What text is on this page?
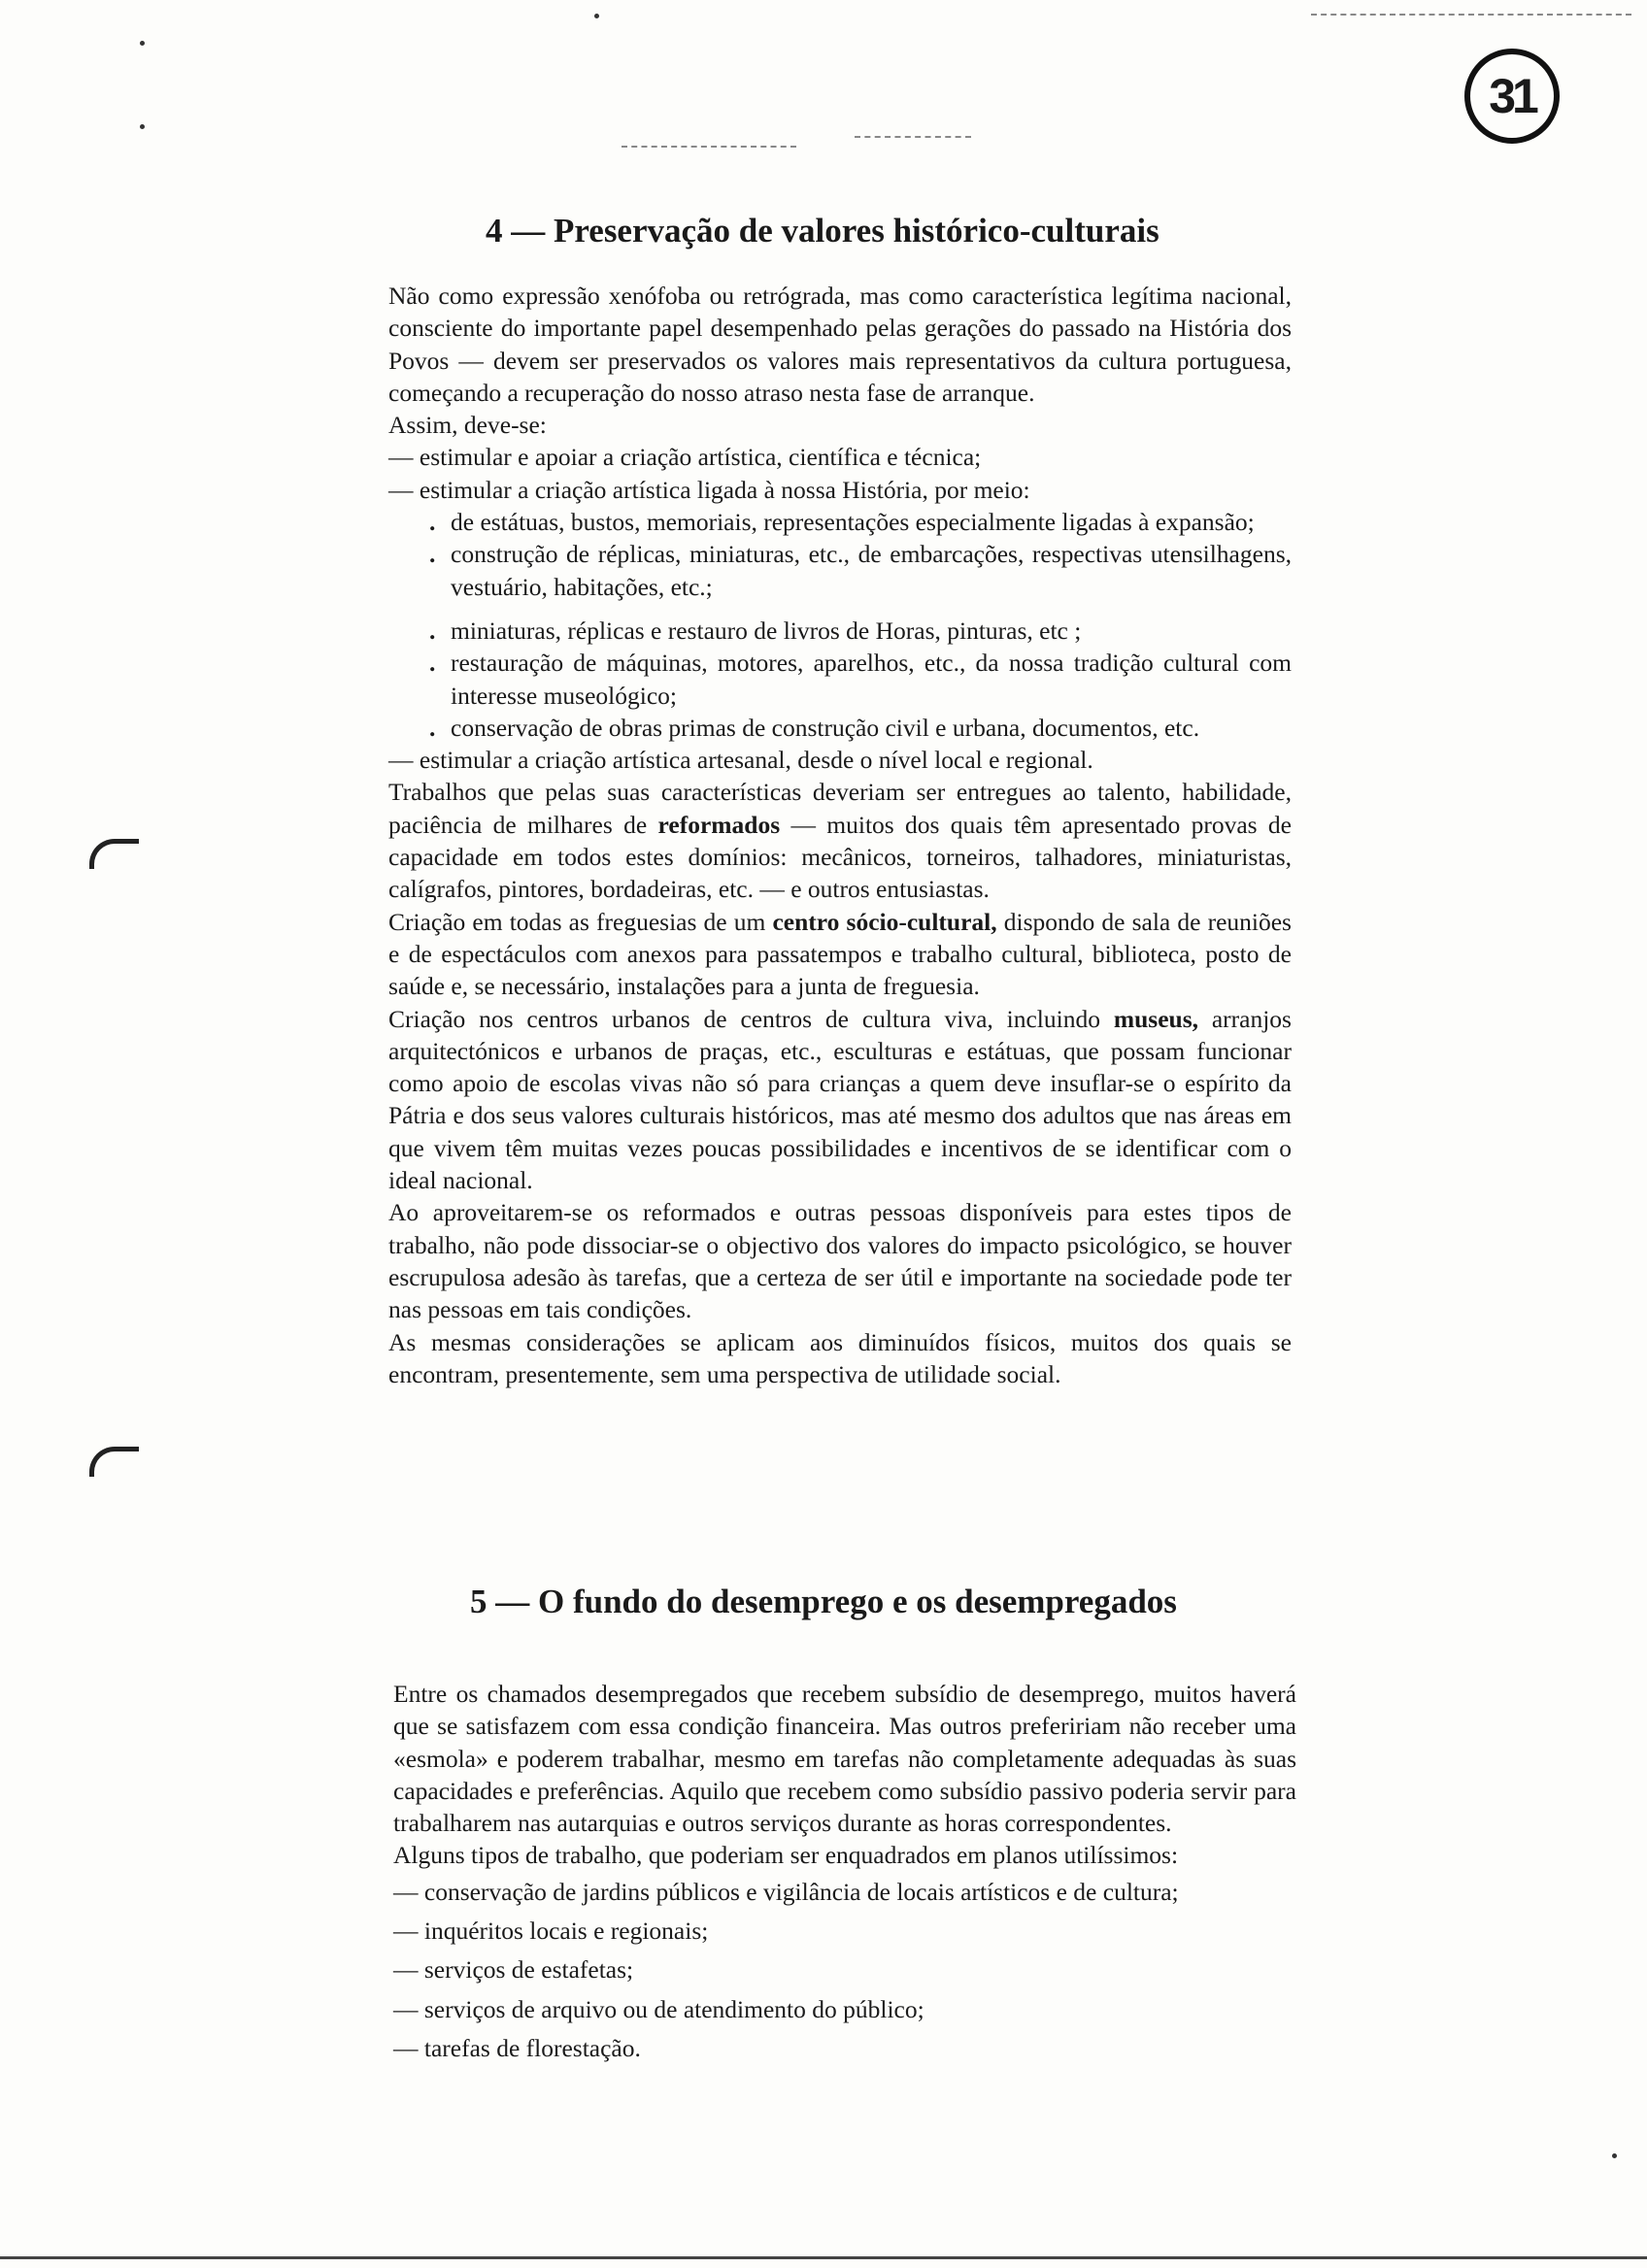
31
4 — Preservação de valores histórico-culturais

Não como expressão xenófoba ou retrógrada, mas como característica legítima nacional, consciente do importante papel desempenhado pelas gerações do passado na História dos Povos — devem ser preservados os valores mais representativos da cultura portuguesa, começando a recuperação do nosso atraso nesta fase de arranque.

Assim, deve-se:

— estimular e apoiar a criação artística, científica e técnica;
— estimular a criação artística ligada à nossa História, por meio:
. de estátuas, bustos, memoriais, representações especialmente ligadas à expansão;
. construção de réplicas, miniaturas, etc., de embarcações, respectivas utensilhagens, vestuário, habitações, etc.;
. miniaturas, réplicas e restauro de livros de Horas, pinturas, etc ;
. restauração de máquinas, motores, aparelhos, etc., da nossa tradição cultural com interesse museológico;
. conservação de obras primas de construção civil e urbana, documentos, etc.
— estimular a criação artística artesanal, desde o nível local e regional.

Trabalhos que pelas suas características deveriam ser entregues ao talento, habilidade, paciência de milhares de reformados — muitos dos quais têm apresentado provas de capacidade em todos estes domínios: mecânicos, torneiros, talhadores, miniaturistas, calígrafos, pintores, bordadeiras, etc. — e outros entusiastas.

Criação em todas as freguesias de um centro sócio-cultural, dispondo de sala de reuniões e de espectáculos com anexos para passatempos e trabalho cultural, biblioteca, posto de saúde e, se necessário, instalações para a junta de freguesia.

Criação nos centros urbanos de centros de cultura viva, incluindo museus, arranjos arquitectónicos e urbanos de praças, etc., esculturas e estátuas, que possam funcionar como apoio de escolas vivas não só para crianças a quem deve insuflar-se o espírito da Pátria e dos seus valores culturais históricos, mas até mesmo dos adultos que nas áreas em que vivem têm muitas vezes poucas possibilidades e incentivos de se identificar com o ideal nacional.

Ao aproveitarem-se os reformados e outras pessoas disponíveis para estes tipos de trabalho, não pode dissociar-se o objectivo dos valores do impacto psicológico, se houver escrupulosa adesão às tarefas, que a certeza de ser útil e importante na sociedade pode ter nas pessoas em tais condições.

As mesmas considerações se aplicam aos diminuídos físicos, muitos dos quais se encontram, presentemente, sem uma perspectiva de utilidade social.

5 — O fundo do desemprego e os desempregados

Entre os chamados desempregados que recebem subsídio de desemprego, muitos haverá que se satisfazem com essa condição financeira. Mas outros prefeririam não receber uma «esmola» e poderem trabalhar, mesmo em tarefas não completamente adequadas às suas capacidades e preferências. Aquilo que recebem como subsídio passivo poderia servir para trabalharem nas autarquias e outros serviços durante as horas correspondentes.

Alguns tipos de trabalho, que poderiam ser enquadrados em planos utilíssimos:

— conservação de jardins públicos e vigilância de locais artísticos e de cultura;
— inquéritos locais e regionais;
— serviços de estafetas;
— serviços de arquivo ou de atendimento do público;
— tarefas de florestação.
